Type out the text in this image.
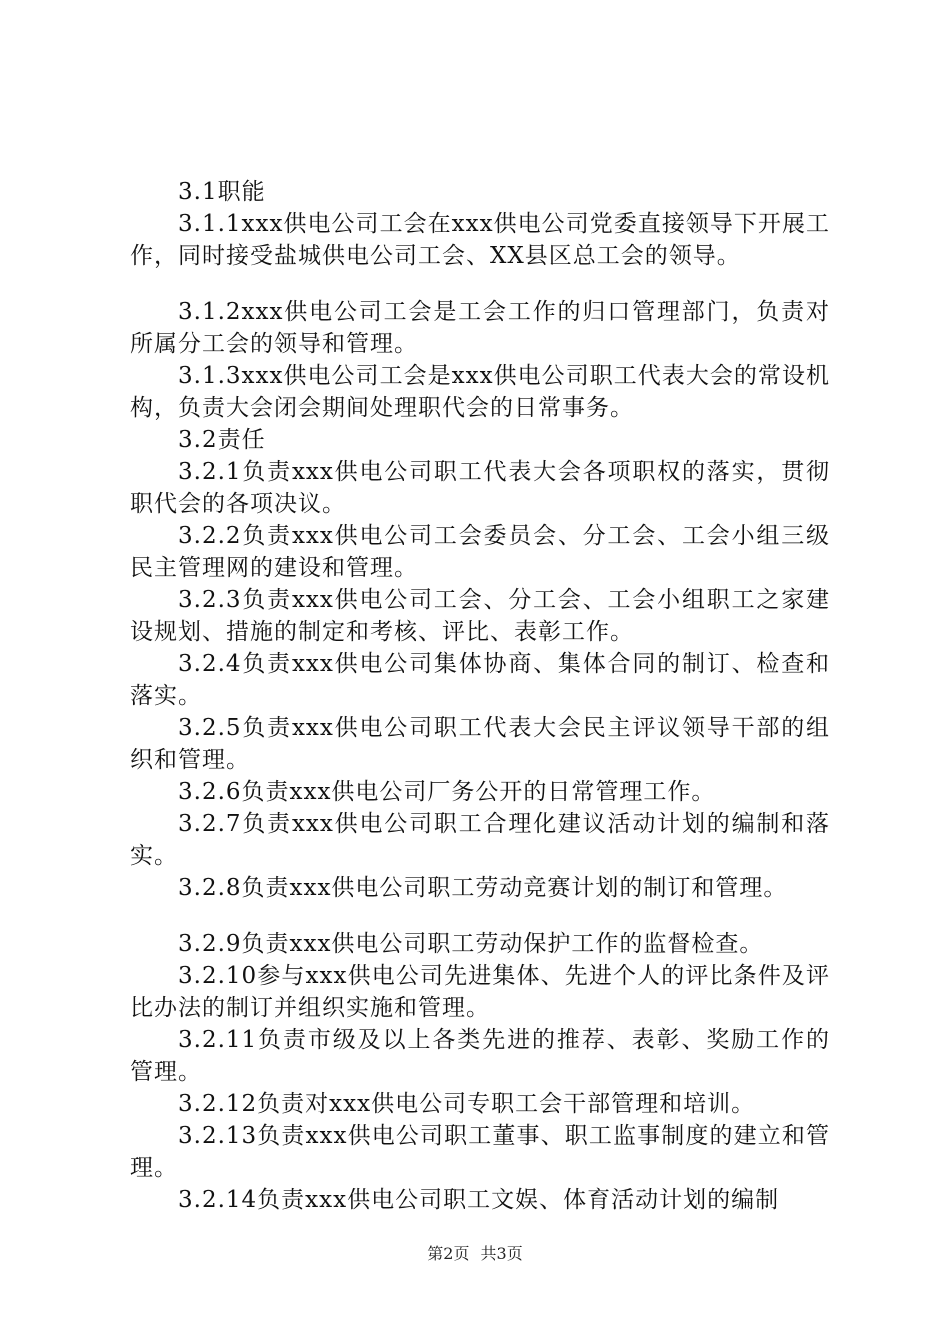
3.1职能

3.1.1xxx供电公司工会在xxx供电公司党委直接领导下开展工作，同时接受盐城供电公司工会、XX县区总工会的领导。

3.1.2xxx供电公司工会是工会工作的归口管理部门，负责对所属分工会的领导和管理。

3.1.3xxx供电公司工会是xxx供电公司职工代表大会的常设机构，负责大会闭会期间处理职代会的日常事务。

3.2责任

3.2.1负责xxx供电公司职工代表大会各项职权的落实，贯彻职代会的各项决议。

3.2.2负责xxx供电公司工会委员会、分工会、工会小组三级民主管理网的建设和管理。

3.2.3负责xxx供电公司工会、分工会、工会小组职工之家建设规划、措施的制定和考核、评比、表彰工作。

3.2.4负责xxx供电公司集体协商、集体合同的制订、检查和落实。

3.2.5负责xxx供电公司职工代表大会民主评议领导干部的组织和管理。

3.2.6负责xxx供电公司厂务公开的日常管理工作。

3.2.7负责xxx供电公司职工合理化建议活动计划的编制和落实。

3.2.8负责xxx供电公司职工劳动竞赛计划的制订和管理。

3.2.9负责xxx供电公司职工劳动保护工作的监督检查。

3.2.10参与xxx供电公司先进集体、先进个人的评比条件及评比办法的制订并组织实施和管理。

3.2.11负责市级及以上各类先进的推荐、表彰、奖励工作的管理。

3.2.12负责对xxx供电公司专职工会干部管理和培训。

3.2.13负责xxx供电公司职工董事、职工监事制度的建立和管理。

3.2.14负责xxx供电公司职工文娱、体育活动计划的编制

第2页 共3页
